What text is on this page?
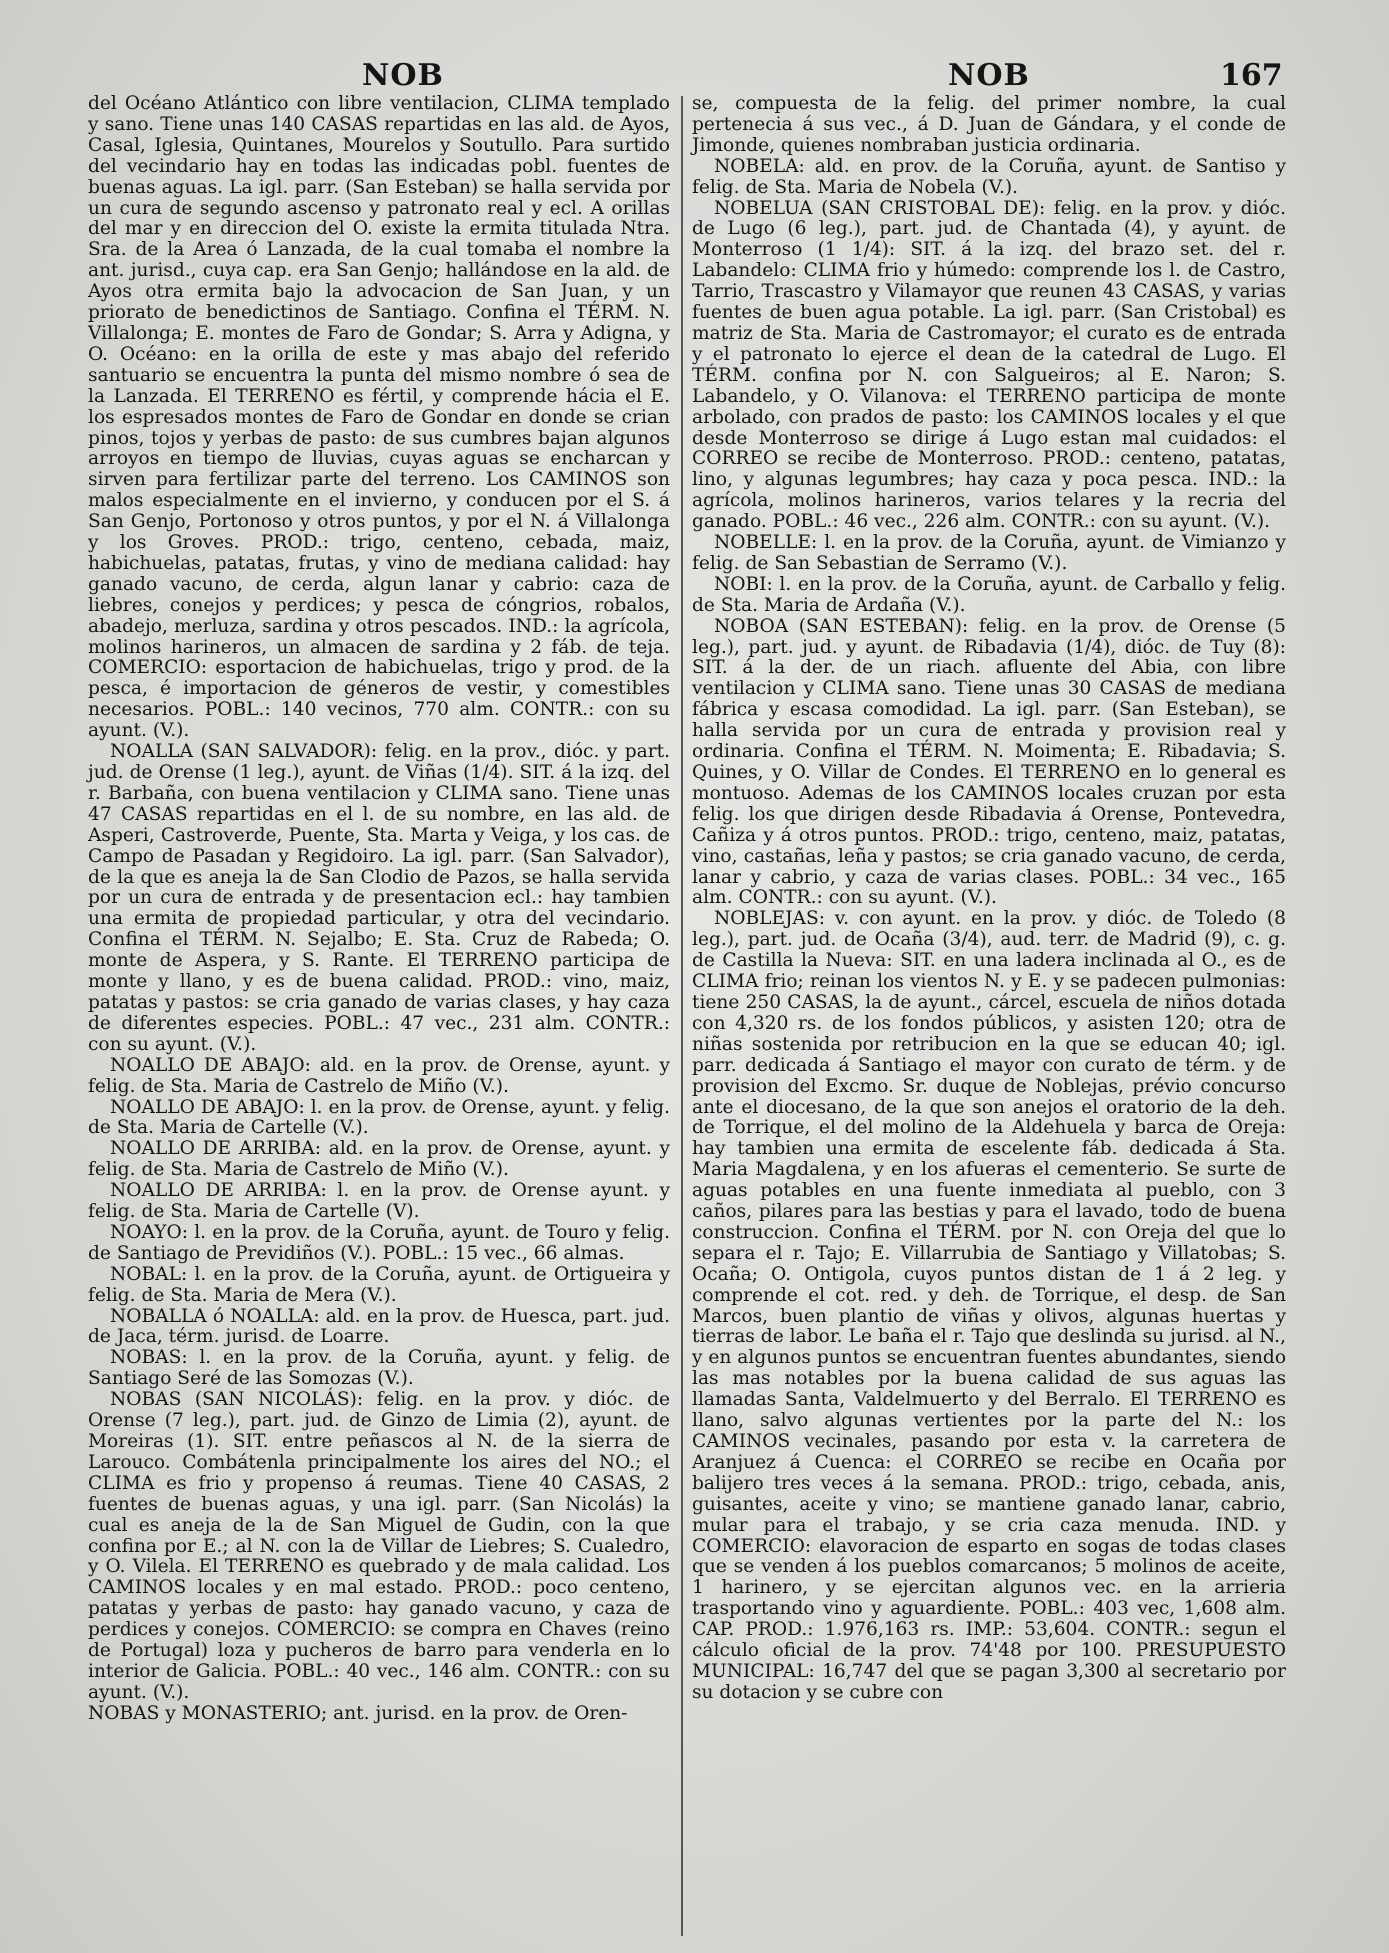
NOB	NOB	167

del Océano Atlántico con libre ventilacion, CLIMA templado y sano. Tiene unas 140 CASAS repartidas en las ald. de Ayos, Casal, Iglesia, Quintanes, Mourelos y Soutullo. Para surtido del vecindario hay en todas las indicadas pobl. fuentes de buenas aguas. La igl. parr. (San Esteban) se halla servida por un cura de segundo ascenso y patronato real y ecl. A orillas del mar y en direccion del O. existe la ermita titulada Ntra. Sra. de la Area ó Lanzada, de la cual tomaba el nombre la ant. jurisd., cuya cap. era San Genjo; hallándose en la ald. de Ayos otra ermita bajo la advocacion de San Juan, y un priorato de benedictinos de Santiago. Confina el TÉRM. N. Villalonga; E. montes de Faro de Gondar; S. Arra y Adigna, y O. Océano: en la orilla de este y mas abajo del referido santuario se encuentra la punta del mismo nombre ó sea de la Lanzada. El TERRENO es fértil, y comprende hácia el E. los espresados montes de Faro de Gondar en donde se crian pinos, tojos y yerbas de pasto: de sus cumbres bajan algunos arroyos en tiempo de lluvias, cuyas aguas se encharcan y sirven para fertilizar parte del terreno. Los CAMINOS son malos especialmente en el invierno, y conducen por el S. á San Genjo, Portonoso y otros puntos, y por el N. á Villalonga y los Groves. PROD.: trigo, centeno, cebada, maiz, habichuelas, patatas, frutas, y vino de mediana calidad: hay ganado vacuno, de cerda, algun lanar y cabrio: caza de liebres, conejos y perdices; y pesca de cóngrios, robalos, abadejo, merluza, sardina y otros pescados. IND.: la agrícola, molinos harineros, un almacen de sardina y 2 fáb. de teja. COMERCIO: esportacion de habichuelas, trigo y prod. de la pesca, é importacion de géneros de vestir, y comestibles necesarios. POBL.: 140 vecinos, 770 alm. CONTR.: con su ayunt. (V.).

NOALLA (SAN SALVADOR): felig. en la prov., dióc. y part. jud. de Orense (1 leg.), ayunt. de Viñas (1/4). SIT. á la izq. del r. Barbaña, con buena ventilacion y CLIMA sano. Tiene unas 47 CASAS repartidas en el l. de su nombre, en las ald. de Asperi, Castroverde, Puente, Sta. Marta y Veiga, y los cas. de Campo de Pasadan y Regidoiro. La igl. parr. (San Salvador), de la que es aneja la de San Clodio de Pazos, se halla servida por un cura de entrada y de presentacion ecl.: hay tambien una ermita de propiedad particular, y otra del vecindario. Confina el TÉRM. N. Sejalbo; E. Sta. Cruz de Rabeda; O. monte de Aspera, y S. Rante. El TERRENO participa de monte y llano, y es de buena calidad. PROD.: vino, maiz, patatas y pastos: se cria ganado de varias clases, y hay caza de diferentes especies. POBL.: 47 vec., 231 alm. CONTR.: con su ayunt. (V.).

NOALLO DE ABAJO: ald. en la prov. de Orense, ayunt. y felig. de Sta. Maria de Castrelo de Miño (V.).

NOALLO DE ABAJO: l. en la prov. de Orense, ayunt. y felig. de Sta. Maria de Cartelle (V.).

NOALLO DE ARRIBA: ald. en la prov. de Orense, ayunt. y felig. de Sta. Maria de Castrelo de Miño (V.).

NOALLO DE ARRIBA: l. en la prov. de Orense ayunt. y felig. de Sta. Maria de Cartelle (V).

NOAYO: l. en la prov. de la Coruña, ayunt. de Touro y felig. de Santiago de Previdiños (V.). POBL.: 15 vec., 66 almas.

NOBAL: l. en la prov. de la Coruña, ayunt. de Ortigueira y felig. de Sta. Maria de Mera (V.).

NOBALLA ó NOALLA: ald. en la prov. de Huesca, part. jud. de Jaca, térm. jurisd. de Loarre.

NOBAS: l. en la prov. de la Coruña, ayunt. y felig. de Santiago Seré de las Somozas (V.).

NOBAS (SAN NICOLÁS): felig. en la prov. y dióc. de Orense (7 leg.), part. jud. de Ginzo de Limia (2), ayunt. de Moreiras (1). SIT. entre peñascos al N. de la sierra de Larouco. Combátenla principalmente los aires del NO.; el CLIMA es frio y propenso á reumas. Tiene 40 CASAS, 2 fuentes de buenas aguas, y una igl. parr. (San Nicolás) la cual es aneja de la de San Miguel de Gudin, con la que confina por E.; al N. con la de Villar de Liebres; S. Cualedro, y O. Vilela. El TERRENO es quebrado y de mala calidad. Los CAMINOS locales y en mal estado. PROD.: poco centeno, patatas y yerbas de pasto: hay ganado vacuno, y caza de perdices y conejos. COMERCIO: se compra en Chaves (reino de Portugal) loza y pucheros de barro para venderla en lo interior de Galicia. POBL.: 40 vec., 146 alm. CONTR.: con su ayunt. (V.).

NOBAS y MONASTERIO; ant. jurisd. en la prov. de Oren-

se, compuesta de la felig. del primer nombre, la cual pertenecia á sus vec., á D. Juan de Gándara, y el conde de Jimonde, quienes nombraban justicia ordinaria.

NOBELA: ald. en prov. de la Coruña, ayunt. de Santiso y felig. de Sta. Maria de Nobela (V.).

NOBELUA (SAN CRISTOBAL DE): felig. en la prov. y dióc. de Lugo (6 leg.), part. jud. de Chantada (4), y ayunt. de Monterroso (1 1/4): SIT. á la izq. del brazo set. del r. Labandelo: CLIMA frio y húmedo: comprende los l. de Castro, Tarrio, Trascastro y Vilamayor que reunen 43 CASAS, y varias fuentes de buen agua potable. La igl. parr. (San Cristobal) es matriz de Sta. Maria de Castromayor; el curato es de entrada y el patronato lo ejerce el dean de la catedral de Lugo. El TÉRM. confina por N. con Salgueiros; al E. Naron; S. Labandelo, y O. Vilanova: el TERRENO participa de monte arbolado, con prados de pasto: los CAMINOS locales y el que desde Monterroso se dirige á Lugo estan mal cuidados: el CORREO se recibe de Monterroso. PROD.: centeno, patatas, lino, y algunas legumbres; hay caza y poca pesca. IND.: la agrícola, molinos harineros, varios telares y la recria del ganado. POBL.: 46 vec., 226 alm. CONTR.: con su ayunt. (V.).

NOBELLE: l. en la prov. de la Coruña, ayunt. de Vimianzo y felig. de San Sebastian de Serramo (V.).

NOBI: l. en la prov. de la Coruña, ayunt. de Carballo y felig. de Sta. Maria de Ardaña (V.).

NOBOA (SAN ESTEBAN): felig. en la prov. de Orense (5 leg.), part. jud. y ayunt. de Ribadavia (1/4), dióc. de Tuy (8): SIT. á la der. de un riach. afluente del Abia, con libre ventilacion y CLIMA sano. Tiene unas 30 CASAS de mediana fábrica y escasa comodidad. La igl. parr. (San Esteban), se halla servida por un cura de entrada y provision real y ordinaria. Confina el TÉRM. N. Moimenta; E. Ribadavia; S. Quines, y O. Villar de Condes. El TERRENO en lo general es montuoso. Ademas de los CAMINOS locales cruzan por esta felig. los que dirigen desde Ribadavia á Orense, Pontevedra, Cañiza y á otros puntos. PROD.: trigo, centeno, maiz, patatas, vino, castañas, leña y pastos; se cria ganado vacuno, de cerda, lanar y cabrio, y caza de varias clases. POBL.: 34 vec., 165 alm. CONTR.: con su ayunt. (V.).

NOBLEJAS: v. con ayunt. en la prov. y dióc. de Toledo (8 leg.), part. jud. de Ocaña (3/4), aud. terr. de Madrid (9), c. g. de Castilla la Nueva: SIT. en una ladera inclinada al O., es de CLIMA frio; reinan los vientos N. y E. y se padecen pulmonias: tiene 250 CASAS, la de ayunt., cárcel, escuela de niños dotada con 4,320 rs. de los fondos públicos, y asisten 120; otra de niñas sostenida por retribucion en la que se educan 40; igl. parr. dedicada á Santiago el mayor con curato de térm. y de provision del Excmo. Sr. duque de Noblejas, prévio concurso ante el diocesano, de la que son anejos el oratorio de la deh. de Torrique, el del molino de la Aldehuela y barca de Oreja: hay tambien una ermita de escelente fáb. dedicada á Sta. Maria Magdalena, y en los afueras el cementerio. Se surte de aguas potables en una fuente inmediata al pueblo, con 3 caños, pilares para las bestias y para el lavado, todo de buena construccion. Confina el TÉRM. por N. con Oreja del que lo separa el r. Tajo; E. Villarrubia de Santiago y Villatobas; S. Ocaña; O. Ontigola, cuyos puntos distan de 1 á 2 leg. y comprende el cot. red. y deh. de Torrique, el desp. de San Marcos, buen plantio de viñas y olivos, algunas huertas y tierras de labor. Le baña el r. Tajo que deslinda su jurisd. al N., y en algunos puntos se encuentran fuentes abundantes, siendo las mas notables por la buena calidad de sus aguas las llamadas Santa, Valdelmuerto y del Berralo. El TERRENO es llano, salvo algunas vertientes por la parte del N.: los CAMINOS vecinales, pasando por esta v. la carretera de Aranjuez á Cuenca: el CORREO se recibe en Ocaña por balijero tres veces á la semana. PROD.: trigo, cebada, anis, guisantes, aceite y vino; se mantiene ganado lanar, cabrio, mular para el trabajo, y se cria caza menuda. IND. y COMERCIO: elavoracion de esparto en sogas de todas clases que se venden á los pueblos comarcanos; 5 molinos de aceite, 1 harinero, y se ejercitan algunos vec. en la arrieria trasportando vino y aguardiente. POBL.: 403 vec, 1,608 alm. CAP. PROD.: 1.976,163 rs. IMP.: 53,604. CONTR.: segun el cálculo oficial de la prov. 74'48 por 100. PRESUPUESTO MUNICIPAL: 16,747 del que se pagan 3,300 al secretario por su dotacion y se cubre con
